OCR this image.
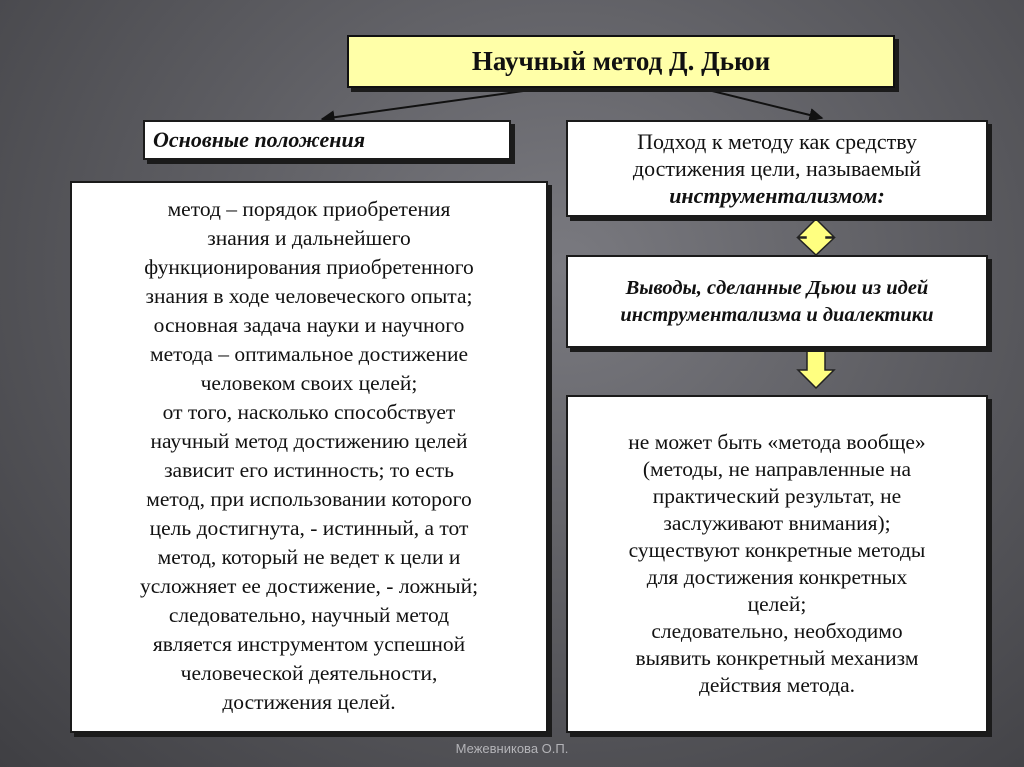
Научный метод Д. Дьюи
Основные положения
метод – порядок приобретения
знания и дальнейшего
функционирования приобретенного
знания в ходе человеческого опыта;
основная задача науки и научного
метода – оптимальное достижение
человеком своих целей;
от того, насколько способствует
научный метод достижению целей
зависит его истинность; то есть
метод, при использовании которого
цель достигнута, - истинный, а тот
метод, который не ведет к цели и
усложняет ее достижение, - ложный;
следовательно, научный метод
является инструментом успешной
человеческой деятельности,
достижения целей.
Подход к методу как средству
достижения цели, называемый
инструментализмом:
Выводы, сделанные Дьюи из идей
инструментализма и диалектики
не может быть «метода вообще»
(методы, не направленные на
практический результат, не
заслуживают внимания);
существуют конкретные методы
для достижения конкретных
целей;
следовательно, необходимо
выявить конкретный механизм
действия метода.
Межевникова О.П.
